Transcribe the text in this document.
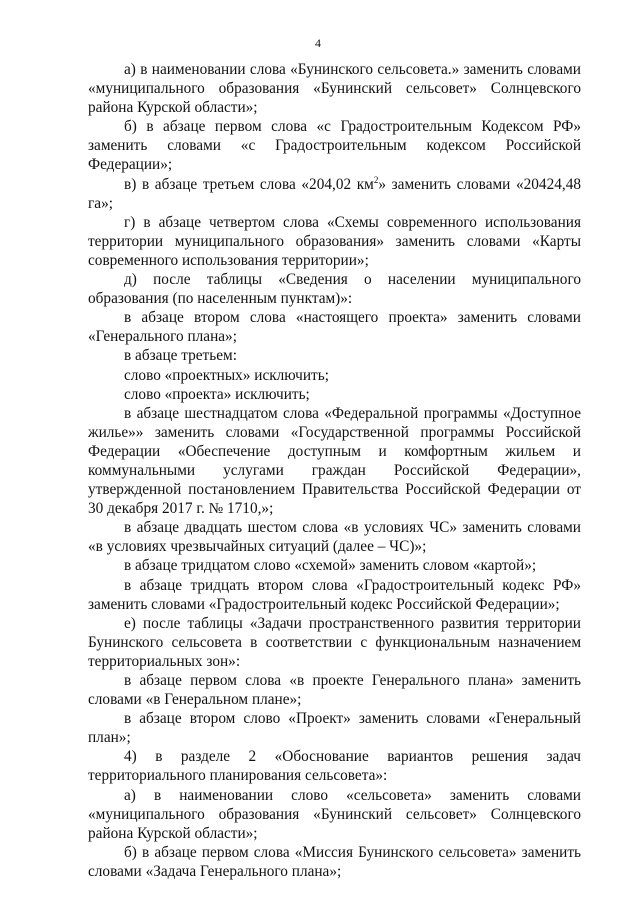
4

а) в наименовании слова «Бунинского сельсовета.» заменить словами «муниципального образования «Бунинский сельсовет» Солнцевского района Курской области»;

б) в абзаце первом слова «с Градостроительным Кодексом РФ» заменить словами «с Градостроительным кодексом Российской Федерации»;

в) в абзаце третьем слова «204,02 $км^2$» заменить словами «20424,48 га»;

г) в абзаце четвертом слова «Схемы современного использования территории муниципального образования» заменить словами «Карты современного использования территории»;

д) после таблицы «Сведения о населении муниципального образования (по населенным пунктам)»:

в абзаце втором слова «настоящего проекта» заменить словами «Генерального плана»;

в абзаце третьем:

слово «проектных» исключить;

слово «проекта» исключить;

в абзаце шестнадцатом слова «Федеральной программы «Доступное жилье»» заменить словами «Государственной программы Российской Федерации «Обеспечение доступным и комфортным жильем и коммунальными услугами граждан Российской Федерации», утвержденной постановлением Правительства Российской Федерации от 30 декабря 2017 г. № 1710,»;

в абзаце двадцать шестом слова «в условиях ЧС» заменить словами «в условиях чрезвычайных ситуаций (далее – ЧС)»;

в абзаце тридцатом слово «схемой» заменить словом «картой»;

в абзаце тридцать втором слова «Градостроительный кодекс РФ» заменить словами «Градостроительный кодекс Российской Федерации»;

е) после таблицы «Задачи пространственного развития территории Бунинского сельсовета в соответствии с функциональным назначением территориальных зон»:

в абзаце первом слова «в проекте Генерального плана» заменить словами «в Генеральном плане»;

в абзаце втором слово «Проект» заменить словами «Генеральный план»;

4) в разделе 2 «Обоснование вариантов решения задач территориального планирования сельсовета»:

а) в наименовании слово «сельсовета» заменить словами «муниципального образования «Бунинский сельсовет» Солнцевского района Курской области»;

б) в абзаце первом слова «Миссия Бунинского сельсовета» заменить словами «Задача Генерального плана»;
